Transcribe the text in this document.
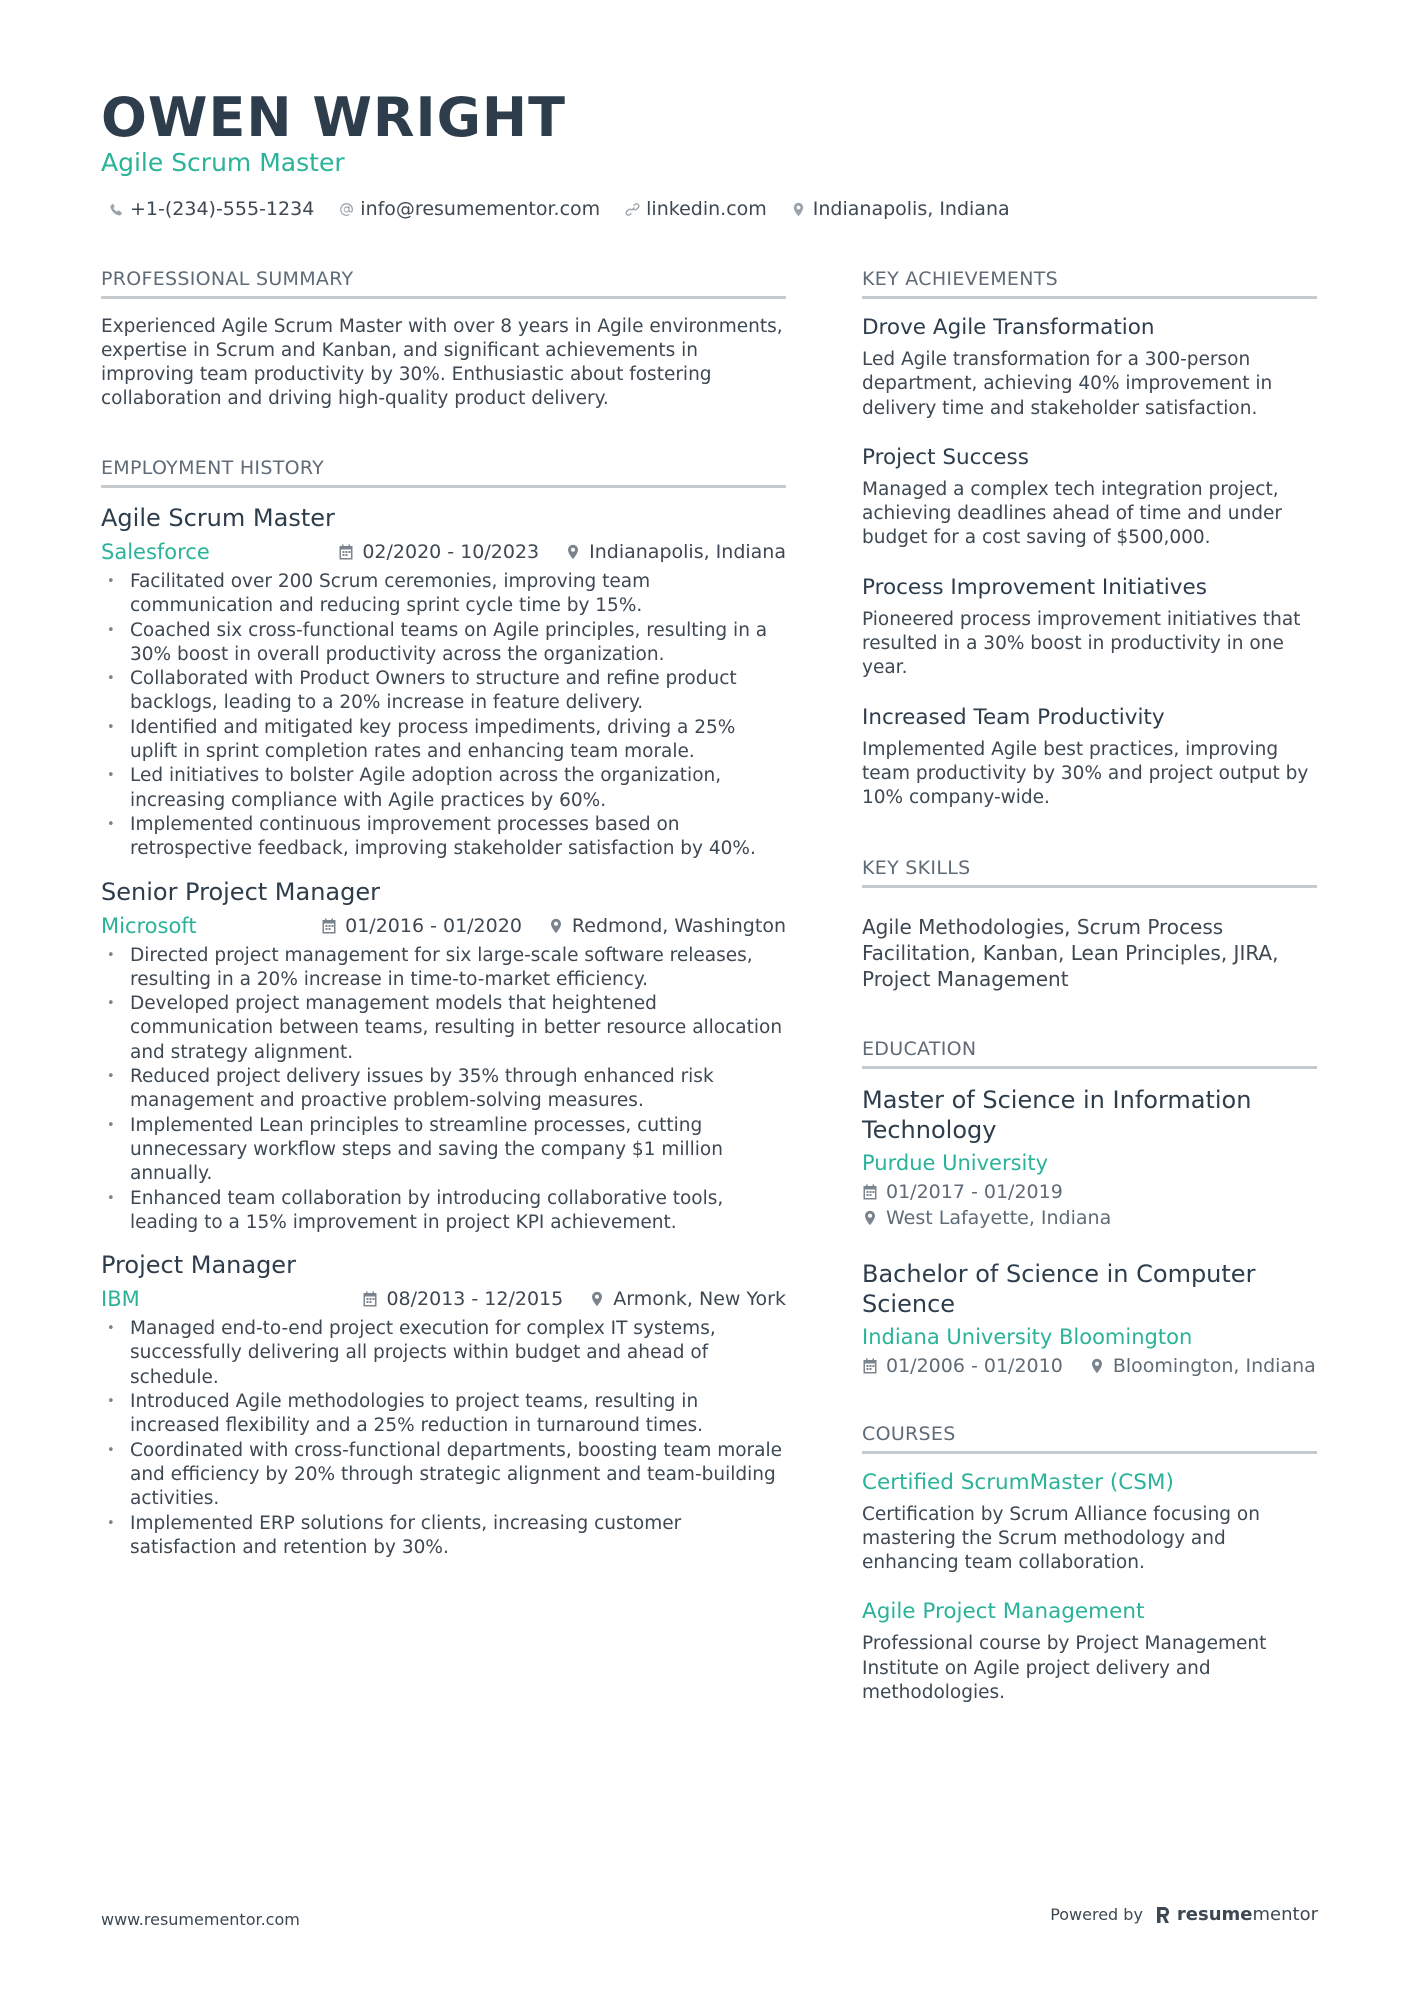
OWEN WRIGHT
Agile Scrum Master
+1-(234)-555-1234 info@resumementor.com linkedin.com Indianapolis, Indiana
PROFESSIONAL SUMMARY

Experienced Agile Scrum Master with over 8 years in Agile environments, expertise in Scrum and Kanban, and significant achievements in improving team productivity by 30%. Enthusiastic about fostering collaboration and driving high-quality product delivery.

EMPLOYMENT HISTORY
Agile Scrum Master
Salesforce	02/2020 - 10/2023	Indianapolis, Indiana
• Facilitated over 200 Scrum ceremonies, improving team communication and reducing sprint cycle time by 15%.
• Coached six cross-functional teams on Agile principles, resulting in a 30% boost in overall productivity across the organization.
• Collaborated with Product Owners to structure and refine product backlogs, leading to a 20% increase in feature delivery.
• Identified and mitigated key process impediments, driving a 25% uplift in sprint completion rates and enhancing team morale.
• Led initiatives to bolster Agile adoption across the organization, increasing compliance with Agile practices by 60%.
• Implemented continuous improvement processes based on retrospective feedback, improving stakeholder satisfaction by 40%.
Senior Project Manager
Microsoft	01/2016 - 01/2020	Redmond, Washington
• Directed project management for six large-scale software releases, resulting in a 20% increase in time-to-market efficiency.
• Developed project management models that heightened communication between teams, resulting in better resource allocation and strategy alignment.
• Reduced project delivery issues by 35% through enhanced risk management and proactive problem-solving measures.
• Implemented Lean principles to streamline processes, cutting unnecessary workflow steps and saving the company $1 million annually.
• Enhanced team collaboration by introducing collaborative tools, leading to a 15% improvement in project KPI achievement.
Project Manager
IBM	08/2013 - 12/2015	Armonk, New York
• Managed end-to-end project execution for complex IT systems, successfully delivering all projects within budget and ahead of schedule.
• Introduced Agile methodologies to project teams, resulting in increased flexibility and a 25% reduction in turnaround times.
• Coordinated with cross-functional departments, boosting team morale and efficiency by 20% through strategic alignment and team-building activities.
• Implemented ERP solutions for clients, increasing customer satisfaction and retention by 30%.
KEY ACHIEVEMENTS
Drove Agile Transformation

Led Agile transformation for a 300-person department, achieving 40% improvement in delivery time and stakeholder satisfaction.

Project Success

Managed a complex tech integration project, achieving deadlines ahead of time and under budget for a cost saving of $500,000.

Process Improvement Initiatives

Pioneered process improvement initiatives that resulted in a 30% boost in productivity in one year.

Increased Team Productivity

Implemented Agile best practices, improving team productivity by 30% and project output by 10% company-wide.

KEY SKILLS

Agile Methodologies, Scrum Process Facilitation, Kanban, Lean Principles, JIRA, Project Management

EDUCATION
Master of Science in Information Technology
Purdue University
01/2017 - 01/2019
West Lafayette, Indiana
Bachelor of Science in Computer Science
Indiana University Bloomington
01/2006 - 01/2010	Bloomington, Indiana
COURSES
Certified ScrumMaster (CSM)

Certification by Scrum Alliance focusing on mastering the Scrum methodology and enhancing team collaboration.

Agile Project Management

Professional course by Project Management Institute on Agile project delivery and methodologies.

www.resumementor.com	Powered by resumementor
